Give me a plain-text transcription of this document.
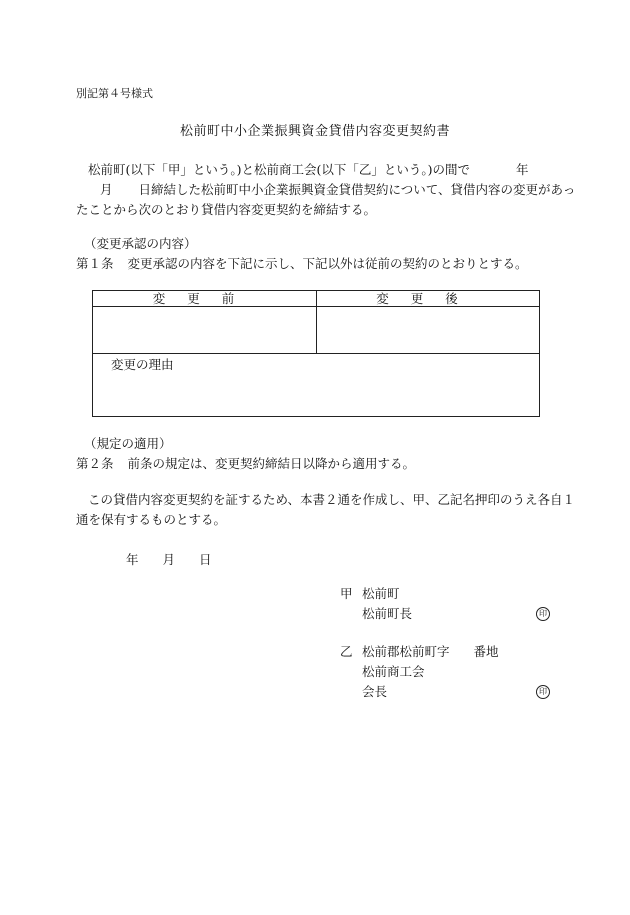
別記第４号様式
松前町中小企業振興資金貸借内容変更契約書
松前町(以下「甲」という。)と松前商工会(以下「乙」という。)の間で	年
月 日締結した松前町中小企業振興資金貸借契約について、貸借内容の変更があっ
たことから次のとおり貸借内容変更契約を締結する。
（変更承認の内容）
第１条 変更承認の内容を下記に示し、下記以外は従前の契約のとおりとする。
変更前	変更後

変更の理由	
（規定の適用）
第２条 前条の規定は、変更契約締結日以降から適用する。
この貸借内容変更契約を証するため、本書２通を作成し、甲、乙記名押印のうえ各自１
通を保有するものとする。
年 月 日
甲 松前町
松前町長	印
乙 松前郡松前町字 番地
松前商工会
会長	印
